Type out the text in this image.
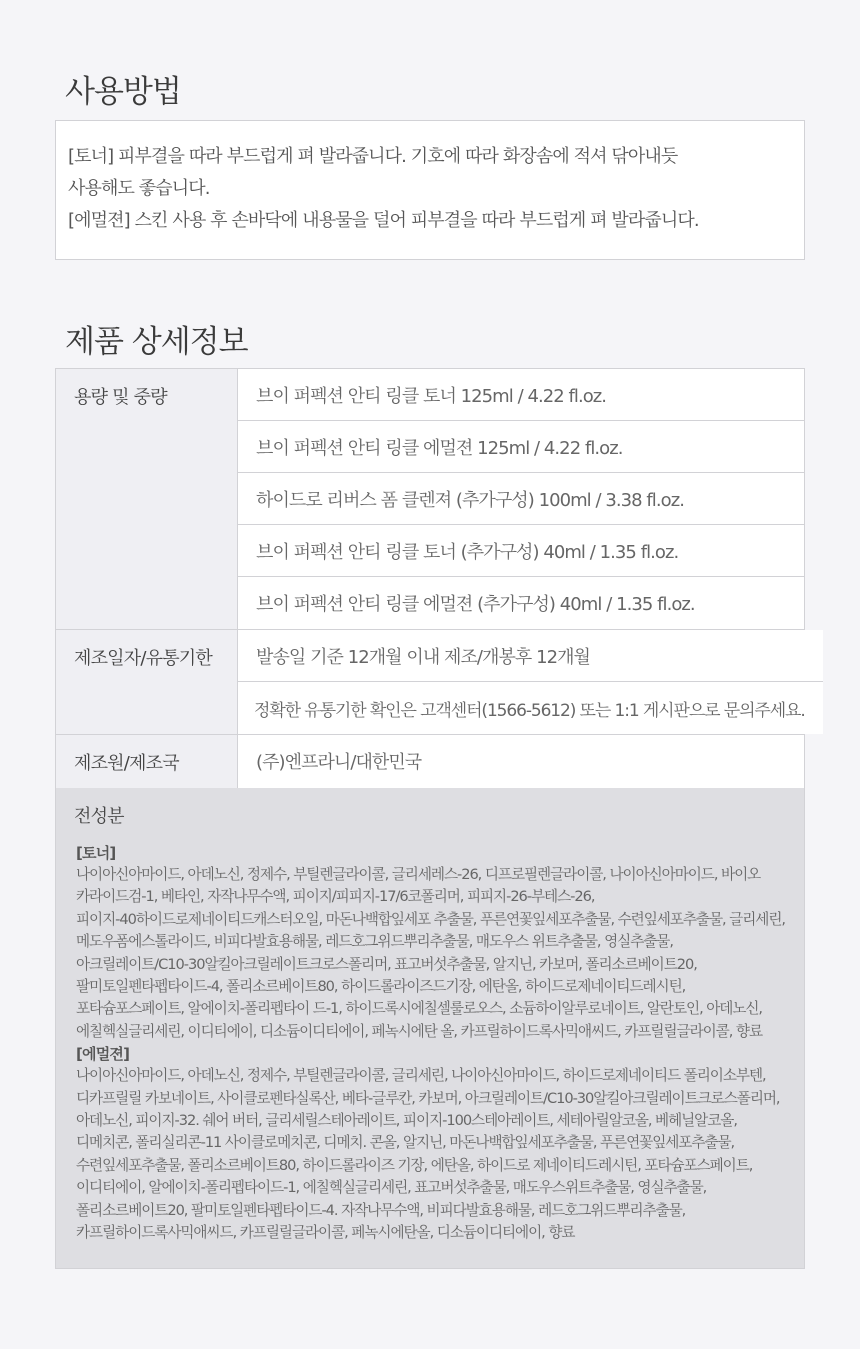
사용방법

[토너] 피부결을 따라 부드럽게 펴 발라줍니다. 기호에 따라 화장솜에 적셔 닦아내듯

사용해도 좋습니다.

[에멀젼] 스킨 사용 후 손바닥에 내용물을 덜어 피부결을 따라 부드럽게 펴 발라줍니다.

제품 상세정보
용량 및 중량	브이 퍼펙션 안티 링클 토너 125ml / 4.22 fl.oz.
브이 퍼펙션 안티 링클 에멀젼 125ml / 4.22 fl.oz.
하이드로 리버스 폼 클렌져 (추가구성) 100ml / 3.38 fl.oz.
브이 퍼펙션 안티 링클 토너 (추가구성) 40ml / 1.35 fl.oz.
브이 퍼펙션 안티 링클 에멀젼 (추가구성) 40ml / 1.35 fl.oz.
제조일자/유통기한	발송일 기준 12개월 이내 제조/개봉후 12개월
정확한 유통기한 확인은 고객센터(1566-5612) 또는 1:1 게시판으로 문의주세요.
제조원/제조국	(주)엔프라니/대한민국
전성분
[토너]

나이아신아마이드, 아데노신, 정제수, 부틸렌글라이콜, 글리세레스-26, 디프로필렌글라이콜, 나이아신아마이드, 바이오 카라이드검-1, 베타인, 자작나무수액, 피이지/피피지-17/6코폴리머, 피피지-26-부테스-26, 피이지-40하이드로제네이티드캐스터오일, 마돈나백합잎세포 추출물, 푸른연꽃잎세포추출물, 수련잎세포추출물, 글리세린, 메도우폼에스톨라이드, 비피다발효용해물, 레드호그위드뿌리추출물, 매도우스 위트추출물, 영실추출물, 아크릴레이트/C10-30알킬아크릴레이트크로스폴리머, 표고버섯추출물, 알지닌, 카보머, 폴리소르베이트20, 팔미토일펜타펩타이드-4, 폴리소르베이트80, 하이드롤라이즈드기장, 에탄올, 하이드로제네이티드레시틴, 포타슘포스페이트, 알에이치-폴리펩타이 드-1, 하이드록시에칠셀룰로오스, 소듐하이알루로네이트, 알란토인, 아데노신, 에칠헥실글리세린, 이디티에이, 디소듐이디티에이, 페녹시에탄 올, 카프릴하이드록사믹애씨드, 카프릴릴글라이콜, 향료

[에멀젼]

나이아신아마이드, 아데노신, 정제수, 부틸렌글라이콜, 글리세린, 나이아신아마이드, 하이드로제네이티드 폴리이소부텐, 디카프릴릴 카보네이트, 사이클로펜타실록산, 베타-글루칸, 카보머, 아크릴레이트/C10-30알킬아크릴레이트크로스폴리머, 아데노신, 피이지-32. 쉐어 버터, 글리세릴스테아레이트, 피이지-100스테아레이트, 세테아릴알코올, 베헤닐알코올, 디메치콘, 폴리실리콘-11 사이클로메치콘, 디메치. 콘올, 알지닌, 마돈나백합잎세포추출물, 푸른연꽃잎세포추출물, 수련잎세포추출물, 폴리소르베이트80, 하이드롤라이즈 기장, 에탄올, 하이드로 제네이티드레시틴, 포타슘포스페이트, 이디티에이, 알에이치-폴리펩타이드-1, 에칠헥실글리세린, 표고버섯추출물, 매도우스위트추출물, 영실추출물, 폴리소르베이트20, 팔미토일펜타펩타이드-4. 자작나무수액, 비피다발효용해물, 레드호그위드뿌리추출물, 카프릴하이드록사믹애씨드, 카프릴릴글라이콜, 페녹시에탄올, 디소듐이디티에이, 향료
